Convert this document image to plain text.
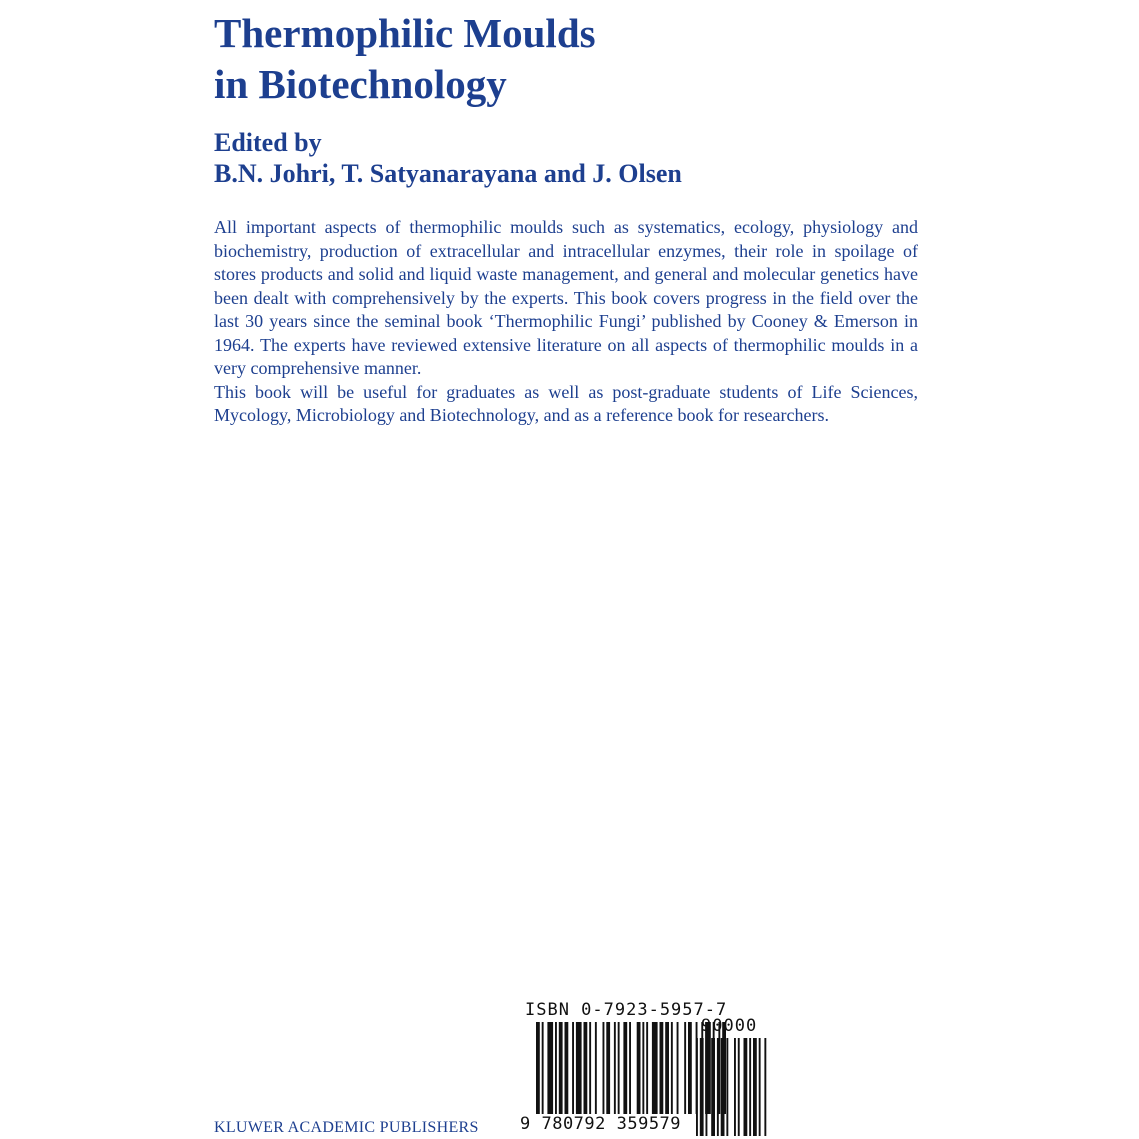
Thermophilic Moulds
in Biotechnology
Edited by
B.N. Johri, T. Satyanarayana and J. Olsen

All important aspects of thermophilic moulds such as systematics, ecology, physiology and biochemistry, production of extracellular and intracellular enzymes, their role in spoilage of stores products and solid and liquid waste management, and general and molecular genetics have been dealt with comprehensively by the experts. This book covers progress in the field over the last 30 years since the seminal book ‘Thermophilic Fungi’ published by Cooney & Emerson in 1964. The experts have reviewed extensive literature on all aspects of thermophilic moulds in a very comprehensive manner.

This book will be useful for graduates as well as post-graduate students of Life Sciences, Mycology, Microbiology and Biotechnology, and as a reference book for researchers.

KLUWER ACADEMIC PUBLISHERS
ISBN 0-7923-5957-7
90000
9 780792 359579
